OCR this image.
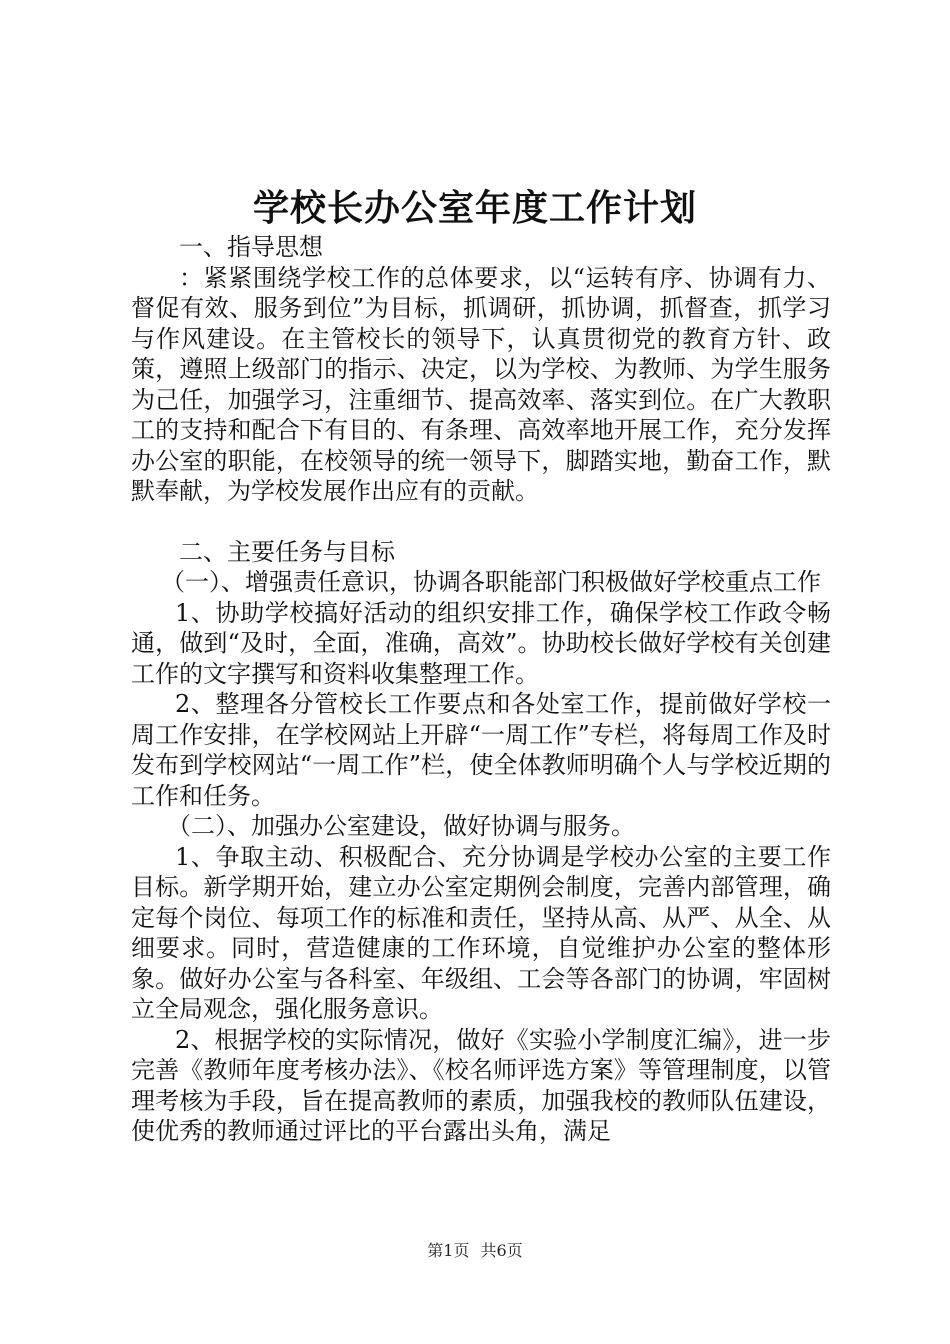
学校长办公室年度工作计划

一、指导思想

：紧紧围绕学校工作的总体要求，以“运转有序、协调有力、督促有效、服务到位”为目标，抓调研，抓协调，抓督查，抓学习与作风建设。在主管校长的领导下，认真贯彻党的教育方针、政策，遵照上级部门的指示、决定，以为学校、为教师、为学生服务为己任，加强学习，注重细节、提高效率、落实到位。在广大教职工的支持和配合下有目的、有条理、高效率地开展工作，充分发挥办公室的职能，在校领导的统一领导下，脚踏实地，勤奋工作，默默奉献，为学校发展作出应有的贡献。

二、主要任务与目标

（一）、增强责任意识，协调各职能部门积极做好学校重点工作

1、协助学校搞好活动的组织安排工作，确保学校工作政令畅通，做到“及时，全面，准确，高效”。协助校长做好学校有关创建工作的文字撰写和资料收集整理工作。

2、整理各分管校长工作要点和各处室工作，提前做好学校一周工作安排，在学校网站上开辟“一周工作”专栏，将每周工作及时发布到学校网站“一周工作”栏，使全体教师明确个人与学校近期的工作和任务。

（二）、加强办公室建设，做好协调与服务。

1、争取主动、积极配合、充分协调是学校办公室的主要工作目标。新学期开始，建立办公室定期例会制度，完善内部管理，确定每个岗位、每项工作的标准和责任，坚持从高、从严、从全、从细要求。同时，营造健康的工作环境，自觉维护办公室的整体形象。做好办公室与各科室、年级组、工会等各部门的协调，牢固树立全局观念，强化服务意识。

2、根据学校的实际情况，做好《实验小学制度汇编》，进一步完善《教师年度考核办法》、《校名师评选方案》等管理制度，以管理考核为手段，旨在提高教师的素质，加强我校的教师队伍建设，使优秀的教师通过评比的平台露出头角，满足

第1页 共6页
